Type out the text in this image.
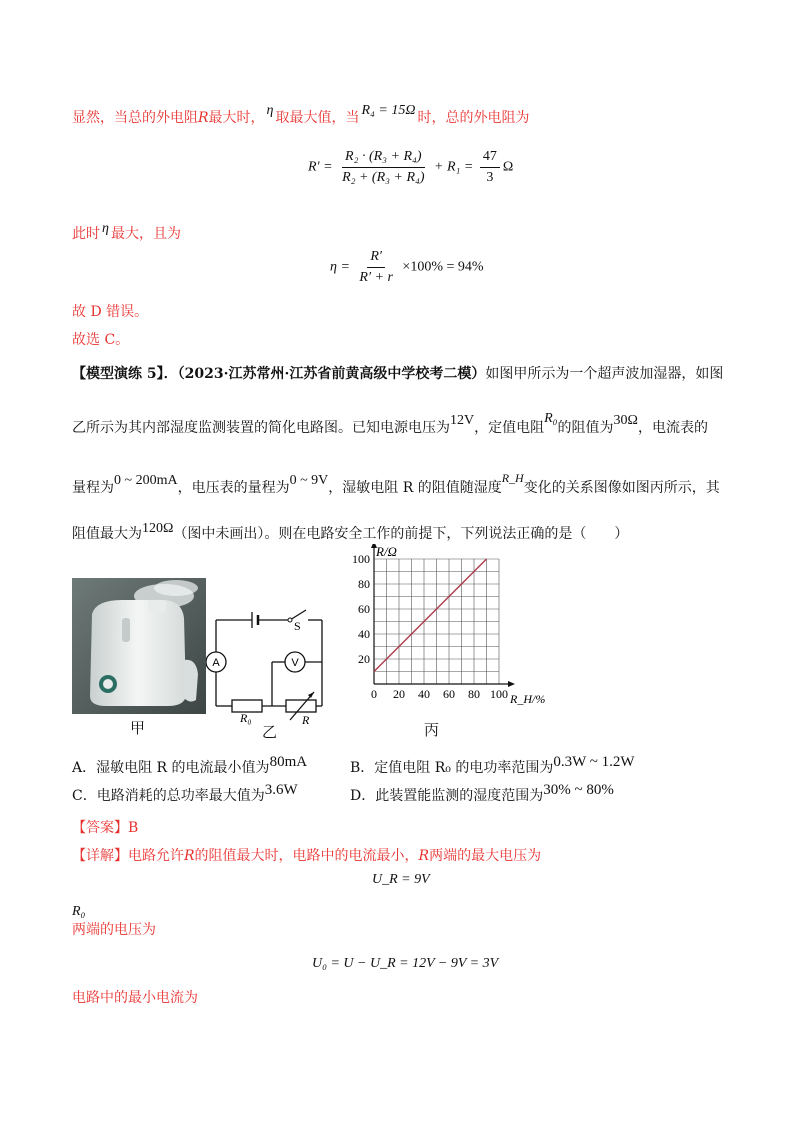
显然，当总的外电阻R最大时， η 取最大值，当 R₄ = 15Ω 时，总的外电阻为
$R' = \frac{\text{R₂ · (R₃ + R₄)}}{\text{R₂ + (R₃ + R₄)}} + R_1 = \frac{47}{3}$ Ω
此时 η 最大，且为
$\eta = \frac{R'}{R' + r} \times 100\% = 94\%$
故 D 错误。
故选 C。
【模型演练 5】．（2023·江苏常州·江苏省前黄高级中学校考二模）如图甲所示为一个超声波加湿器，如图
乙所示为其内部湿度监测装置的简化电路图。已知电源电压为12V，定值电阻R₀的阻值为30Ω，电流表的
量程为0 ~ 200mA，电压表的量程为0 ~ 9V，湿敏电阻 R 的阻值随湿度R_H变化的关系图像如图丙所示，其
阻值最大为120Ω（图中未画出）。则在电路安全工作的前提下，下列说法正确的是（　　）
A	V
S
R₀	R
甲	乙	丙
0 20 40 60 80 100
20
40
60
80
100 R/Ω
R_H/%
A．湿敏电阻 R 的电流最小值为80mA	B．定值电阻 R₀ 的电功率范围为0.3W ~ 1.2W
C．电路消耗的总功率最大值为3.6W	D．此装置能监测的湿度范围为30% ~ 80%
【答案】B
【详解】电路允许R的阻值最大时，电路中的电流最小，R两端的最大电压为
U_R = 9V
R₀
两端的电压为
U₀ = U − U_R = 12V − 9V = 3V
电路中的最小电流为
